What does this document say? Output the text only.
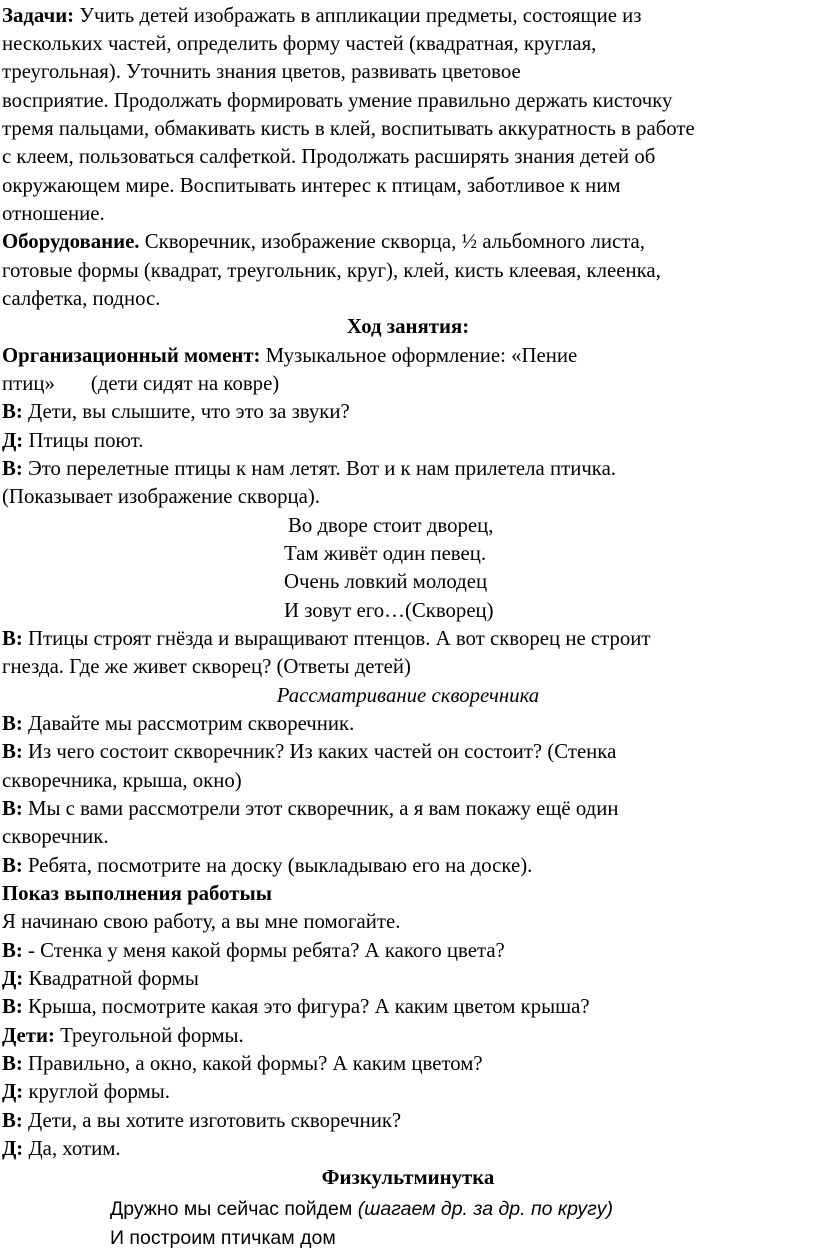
Задачи: Учить детей изображать в аппликации предметы, состоящие из
нескольких частей, определить форму частей (квадратная, круглая,
треугольная). Уточнить знания цветов, развивать цветовое
восприятие. Продолжать формировать умение правильно держать кисточку
тремя пальцами, обмакивать кисть в клей, воспитывать аккуратность в работе
с клеем, пользоваться салфеткой. Продолжать расширять знания детей об
окружающем мире. Воспитывать интерес к птицам, заботливое к ним
отношение.
Оборудование. Скворечник, изображение скворца, ½ альбомного листа,
готовые формы (квадрат, треугольник, круг), клей, кисть клеевая, клеенка,
салфетка, поднос.
Ход занятия:
Организационный момент: Музыкальное оформление: «Пение
птиц» (дети сидят на ковре)
В: Дети, вы слышите, что это за звуки?
Д: Птицы поют.
В: Это перелетные птицы к нам летят. Вот и к нам прилетела птичка.
(Показывает изображение скворца).
Во дворе стоит дворец,
Там живёт один певец.
Очень ловкий молодец
И зовут его…(Скворец)
В: Птицы строят гнёзда и выращивают птенцов. А вот скворец не строит
гнезда. Где же живет скворец? (Ответы детей)
Рассматривание скворечника
В: Давайте мы рассмотрим скворечник.
В: Из чего состоит скворечник? Из каких частей он состоит? (Стенка
скворечника, крыша, окно)
В: Мы с вами рассмотрели этот скворечник, а я вам покажу ещё один
скворечник.
В: Ребята, посмотрите на доску (выкладываю его на доске).
Показ выполнения работыы
Я начинаю свою работу, а вы мне помогайте.
В: - Стенка у меня какой формы ребята? А какого цвета?
Д: Квадратной формы
В: Крыша, посмотрите какая это фигура? А каким цветом крыша?
Дети: Треугольной формы.
В: Правильно, а окно, какой формы? А каким цветом?
Д: круглой формы.
В: Дети, а вы хотите изготовить скворечник?
Д: Да, хотим.
Физкультминутка
Дружно мы сейчас пойдем (шагаем др. за др. по кругу)
И построим птичкам дом
